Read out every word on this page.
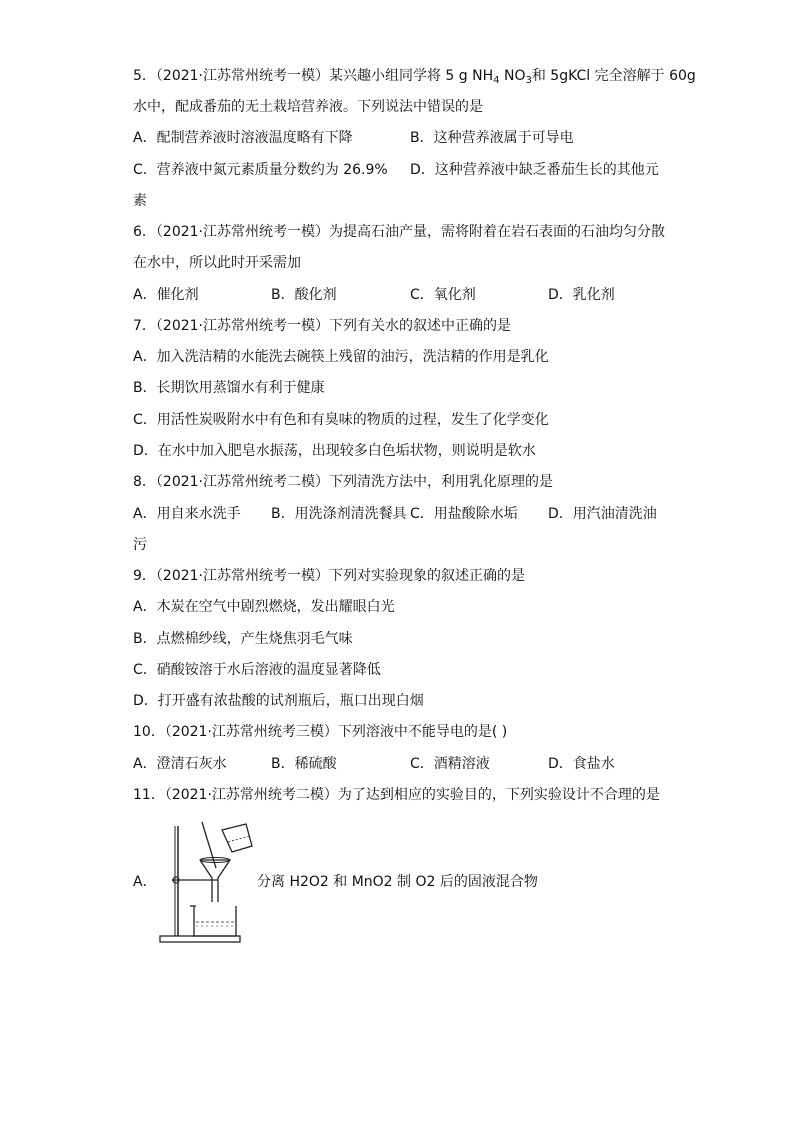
5．（2021·江苏常州统考一模）某兴趣小组同学将 5 g $NH_4$ $NO_3$和 5gKCl 完全溶解于 60g
水中，配成番茄的无土栽培营养液。下列说法中错误的是
A．配制营养液时溶液温度略有下降	B．这种营养液属于可导电
C．营养液中氮元素质量分数约为 26.9% D．这种营养液中缺乏番茄生长的其他元
素
6．（2021·江苏常州统考一模）为提高石油产量，需将附着在岩石表面的石油均匀分散
在水中，所以此时开采需加
A．催化剂	B．酸化剂	C．氧化剂	D．乳化剂
7．（2021·江苏常州统考一模）下列有关水的叙述中正确的是
A．加入洗洁精的水能洗去碗筷上残留的油污，洗洁精的作用是乳化
B．长期饮用蒸馏水有利于健康
C．用活性炭吸附水中有色和有臭味的物质的过程，发生了化学变化
D．在水中加入肥皂水振荡，出现较多白色垢状物，则说明是软水
8．（2021·江苏常州统考二模）下列清洗方法中，利用乳化原理的是
A．用自来水洗手 B．用洗涤剂清洗餐具 C．用盐酸除水垢 D．用汽油清洗油
污
9．（2021·江苏常州统考一模）下列对实验现象的叙述正确的是
A．木炭在空气中剧烈燃烧，发出耀眼白光
B．点燃棉纱线，产生烧焦羽毛气味
C．硝酸铵溶于水后溶液的温度显著降低
D．打开盛有浓盐酸的试剂瓶后，瓶口出现白烟
10．（2021·江苏常州统考三模）下列溶液中不能导电的是( )
A．澄清石灰水	B．稀硫酸	C．酒精溶液	D．食盐水
11．（2021·江苏常州统考二模）为了达到相应的实验目的，下列实验设计不合理的是
A．	分离 H2O2 和 MnO2 制 O2 后的固液混合物
